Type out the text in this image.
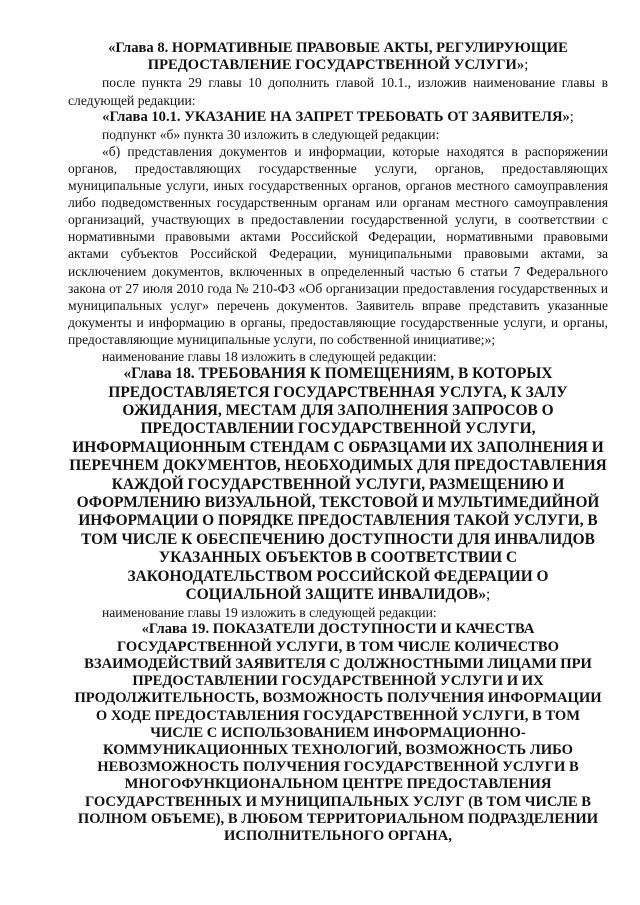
«Глава 8. НОРМАТИВНЫЕ ПРАВОВЫЕ АКТЫ, РЕГУЛИРУЮЩИЕ ПРЕДОСТАВЛЕНИЕ ГОСУДАРСТВЕННОЙ УСЛУГИ»;

после пункта 29 главы 10 дополнить главой 10.1., изложив наименование главы в следующей редакции:

«Глава 10.1. УКАЗАНИЕ НА ЗАПРЕТ ТРЕБОВАТЬ ОТ ЗАЯВИТЕЛЯ»;

подпункт «б» пункта 30 изложить в следующей редакции:

«б) представления документов и информации, которые находятся в распоряжении органов, предоставляющих государственные услуги, органов, предоставляющих муниципальные услуги, иных государственных органов, органов местного самоуправления либо подведомственных государственным органам или органам местного самоуправления организаций, участвующих в предоставлении государственной услуги, в соответствии с нормативными правовыми актами Российской Федерации, нормативными правовыми актами субъектов Российской Федерации, муниципальными правовыми актами, за исключением документов, включенных в определенный частью 6 статьи 7 Федерального закона от 27 июля 2010 года № 210-ФЗ «Об организации предоставления государственных и муниципальных услуг» перечень документов. Заявитель вправе представить указанные документы и информацию в органы, предоставляющие государственные услуги, и органы, предоставляющие муниципальные услуги, по собственной инициативе;»;

наименование главы 18 изложить в следующей редакции:

«Глава 18. ТРЕБОВАНИЯ К ПОМЕЩЕНИЯМ, В КОТОРЫХ ПРЕДОСТАВЛЯЕТСЯ ГОСУДАРСТВЕННАЯ УСЛУГА, К ЗАЛУ ОЖИДАНИЯ, МЕСТАМ ДЛЯ ЗАПОЛНЕНИЯ ЗАПРОСОВ О ПРЕДОСТАВЛЕНИИ ГОСУДАРСТВЕННОЙ УСЛУГИ, ИНФОРМАЦИОННЫМ СТЕНДАМ С ОБРАЗЦАМИ ИХ ЗАПОЛНЕНИЯ И ПЕРЕЧНЕМ ДОКУМЕНТОВ, НЕОБХОДИМЫХ ДЛЯ ПРЕДОСТАВЛЕНИЯ КАЖДОЙ ГОСУДАРСТВЕННОЙ УСЛУГИ, РАЗМЕЩЕНИЮ И ОФОРМЛЕНИЮ ВИЗУАЛЬНОЙ, ТЕКСТОВОЙ И МУЛЬТИМЕДИЙНОЙ ИНФОРМАЦИИ О ПОРЯДКЕ ПРЕДОСТАВЛЕНИЯ ТАКОЙ УСЛУГИ, В ТОМ ЧИСЛЕ К ОБЕСПЕЧЕНИЮ ДОСТУПНОСТИ ДЛЯ ИНВАЛИДОВ УКАЗАННЫХ ОБЪЕКТОВ В СООТВЕТСТВИИ С ЗАКОНОДАТЕЛЬСТВОМ РОССИЙСКОЙ ФЕДЕРАЦИИ О СОЦИАЛЬНОЙ ЗАЩИТЕ ИНВАЛИДОВ»;

наименование главы 19 изложить в следующей редакции:

«Глава 19. ПОКАЗАТЕЛИ ДОСТУПНОСТИ И КАЧЕСТВА ГОСУДАРСТВЕННОЙ УСЛУГИ, В ТОМ ЧИСЛЕ КОЛИЧЕСТВО ВЗАИМОДЕЙСТВИЙ ЗАЯВИТЕЛЯ С ДОЛЖНОСТНЫМИ ЛИЦАМИ ПРИ ПРЕДОСТАВЛЕНИИ ГОСУДАРСТВЕННОЙ УСЛУГИ И ИХ ПРОДОЛЖИТЕЛЬНОСТЬ, ВОЗМОЖНОСТЬ ПОЛУЧЕНИЯ ИНФОРМАЦИИ О ХОДЕ ПРЕДОСТАВЛЕНИЯ ГОСУДАРСТВЕННОЙ УСЛУГИ, В ТОМ ЧИСЛЕ С ИСПОЛЬЗОВАНИЕМ ИНФОРМАЦИОННО-КОММУНИКАЦИОННЫХ ТЕХНОЛОГИЙ, ВОЗМОЖНОСТЬ ЛИБО НЕВОЗМОЖНОСТЬ ПОЛУЧЕНИЯ ГОСУДАРСТВЕННОЙ УСЛУГИ В МНОГОФУНКЦИОНАЛЬНОМ ЦЕНТРЕ ПРЕДОСТАВЛЕНИЯ ГОСУДАРСТВЕННЫХ И МУНИЦИПАЛЬНЫХ УСЛУГ (В ТОМ ЧИСЛЕ В ПОЛНОМ ОБЪЕМЕ), В ЛЮБОМ ТЕРРИТОРИАЛЬНОМ ПОДРАЗДЕЛЕНИИ ИСПОЛНИТЕЛЬНОГО ОРГАНА,
